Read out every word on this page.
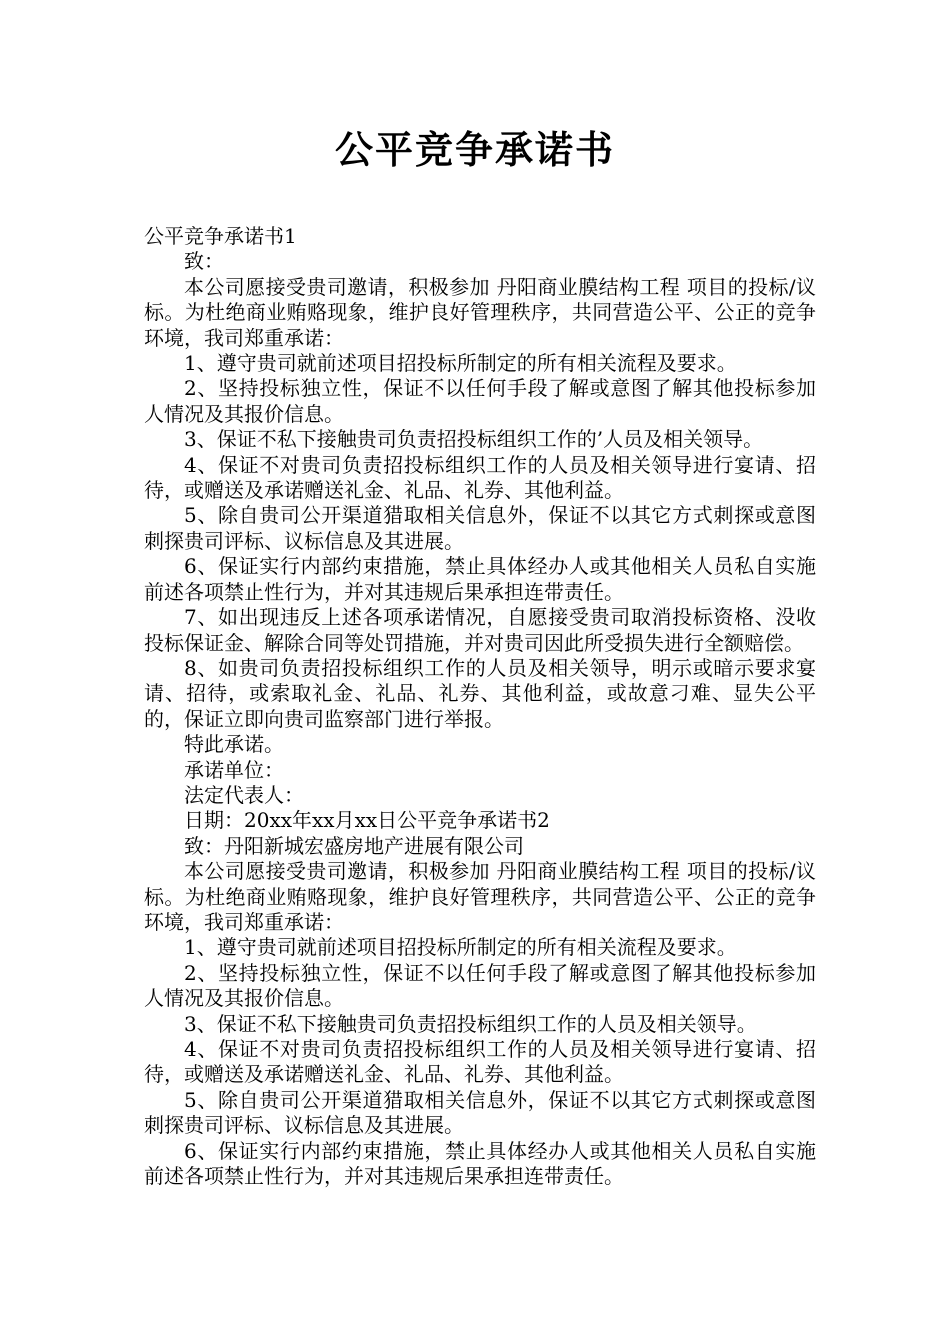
公平竞争承诺书

公平竞争承诺书1

致：

本公司愿接受贵司邀请，积极参加 丹阳商业膜结构工程 项目的投标/议标。为杜绝商业贿赂现象，维护良好管理秩序，共同营造公平、公正的竞争环境，我司郑重承诺：

1、遵守贵司就前述项目招投标所制定的所有相关流程及要求。

2、坚持投标独立性，保证不以任何手段了解或意图了解其他投标参加人情况及其报价信息。

3、保证不私下接触贵司负责招投标组织工作的’人员及相关领导。

4、保证不对贵司负责招投标组织工作的人员及相关领导进行宴请、招待，或赠送及承诺赠送礼金、礼品、礼券、其他利益。

5、除自贵司公开渠道猎取相关信息外，保证不以其它方式刺探或意图刺探贵司评标、议标信息及其进展。

6、保证实行内部约束措施，禁止具体经办人或其他相关人员私自实施前述各项禁止性行为，并对其违规后果承担连带责任。

7、如出现违反上述各项承诺情况，自愿接受贵司取消投标资格、没收投标保证金、解除合同等处罚措施，并对贵司因此所受损失进行全额赔偿。

8、如贵司负责招投标组织工作的人员及相关领导，明示或暗示要求宴请、招待，或索取礼金、礼品、礼券、其他利益，或故意刁难、显失公平的，保证立即向贵司监察部门进行举报。

特此承诺。

承诺单位：

法定代表人：

日期：20xx年xx月xx日公平竞争承诺书2

致：丹阳新城宏盛房地产进展有限公司

本公司愿接受贵司邀请，积极参加 丹阳商业膜结构工程 项目的投标/议标。为杜绝商业贿赂现象，维护良好管理秩序，共同营造公平、公正的竞争环境，我司郑重承诺：

1、遵守贵司就前述项目招投标所制定的所有相关流程及要求。

2、坚持投标独立性，保证不以任何手段了解或意图了解其他投标参加人情况及其报价信息。

3、保证不私下接触贵司负责招投标组织工作的人员及相关领导。

4、保证不对贵司负责招投标组织工作的人员及相关领导进行宴请、招待，或赠送及承诺赠送礼金、礼品、礼券、其他利益。

5、除自贵司公开渠道猎取相关信息外，保证不以其它方式刺探或意图刺探贵司评标、议标信息及其进展。

6、保证实行内部约束措施，禁止具体经办人或其他相关人员私自实施前述各项禁止性行为，并对其违规后果承担连带责任。
